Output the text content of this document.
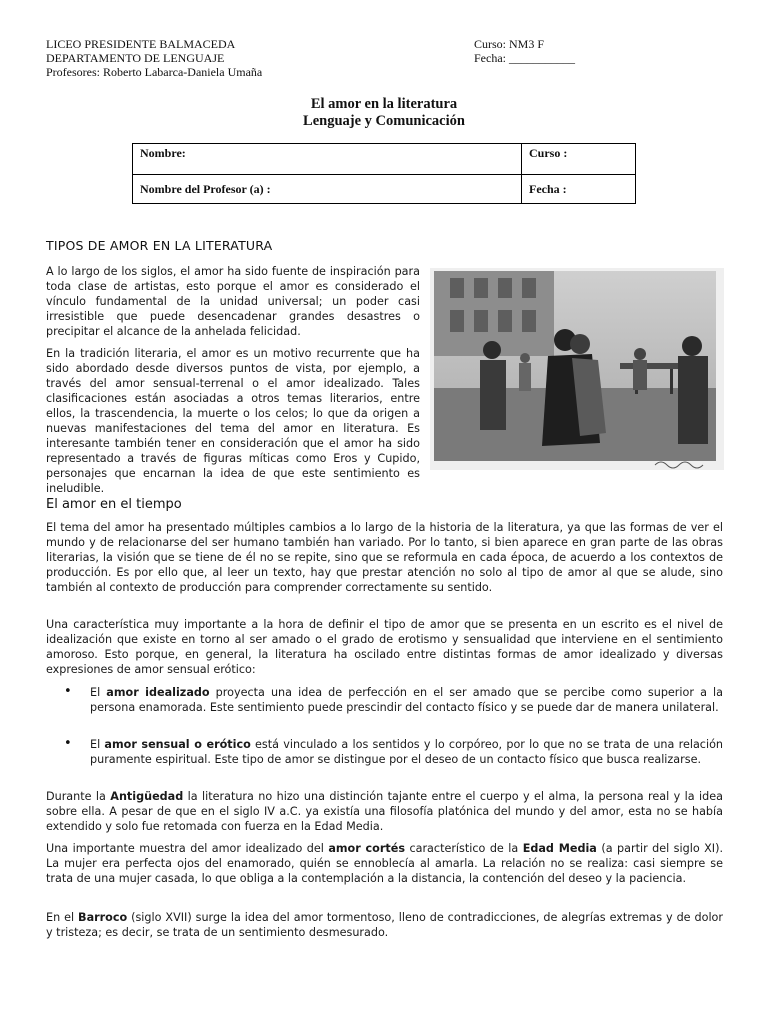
LICEO PRESIDENTE BALMACEDA
DEPARTAMENTO DE LENGUAJE
Profesores: Roberto Labarca-Daniela Umaña
Curso: NM3 F
Fecha: ___________
El amor en la literatura
Lenguaje y Comunicación
Nombre:	Curso :
Nombre del Profesor (a) :	Fecha :
TIPOS DE AMOR EN LA LITERATURA
A lo largo de los siglos, el amor ha sido fuente de inspiración para toda clase de artistas, esto porque el amor es considerado el vínculo fundamental de la unidad universal; un poder casi irresistible que puede desencadenar grandes desastres o precipitar el alcance de la anhelada felicidad.
En la tradición literaria, el amor es un motivo recurrente que ha sido abordado desde diversos puntos de vista, por ejemplo, a través del amor sensual-terrenal o el amor idealizado. Tales clasificaciones están asociadas a otros temas literarios, entre ellos, la trascendencia, la muerte o los celos; lo que da origen a nuevas manifestaciones del tema del amor en literatura. Es interesante también tener en consideración que el amor ha sido representado a través de figuras míticas como Eros y Cupido, personajes que encarnan la idea de que este sentimiento es ineludible.
El amor en el tiempo
El tema del amor ha presentado múltiples cambios a lo largo de la historia de la literatura, ya que las formas de ver el mundo y de relacionarse del ser humano también han variado. Por lo tanto, si bien aparece en gran parte de las obras literarias, la visión que se tiene de él no se repite, sino que se reformula en cada época, de acuerdo a los contextos de producción. Es por ello que, al leer un texto, hay que prestar atención no solo al tipo de amor al que se alude, sino también al contexto de producción para comprender correctamente su sentido.
Una característica muy importante a la hora de definir el tipo de amor que se presenta en un escrito es el nivel de idealización que existe en torno al ser amado o el grado de erotismo y sensualidad que interviene en el sentimiento amoroso. Esto porque, en general, la literatura ha oscilado entre distintas formas de amor idealizado y diversas expresiones de amor sensual erótico:
• El amor idealizado proyecta una idea de perfección en el ser amado que se percibe como superior a la persona enamorada. Este sentimiento puede prescindir del contacto físico y se puede dar de manera unilateral.
• El amor sensual o erótico está vinculado a los sentidos y lo corpóreo, por lo que no se trata de una relación puramente espiritual. Este tipo de amor se distingue por el deseo de un contacto físico que busca realizarse.
Durante la Antigüedad la literatura no hizo una distinción tajante entre el cuerpo y el alma, la persona real y la idea sobre ella. A pesar de que en el siglo IV a.C. ya existía una filosofía platónica del mundo y del amor, esta no se había extendido y solo fue retomada con fuerza en la Edad Media.
Una importante muestra del amor idealizado del amor cortés característico de la Edad Media (a partir del siglo XI). La mujer era perfecta ojos del enamorado, quién se ennoblecía al amarla. La relación no se realiza: casi siempre se trata de una mujer casada, lo que obliga a la contemplación a la distancia, la contención del deseo y la paciencia.
En el Barroco (siglo XVII) surge la idea del amor tormentoso, lleno de contradicciones, de alegrías extremas y de dolor y tristeza; es decir, se trata de un sentimiento desmesurado.
